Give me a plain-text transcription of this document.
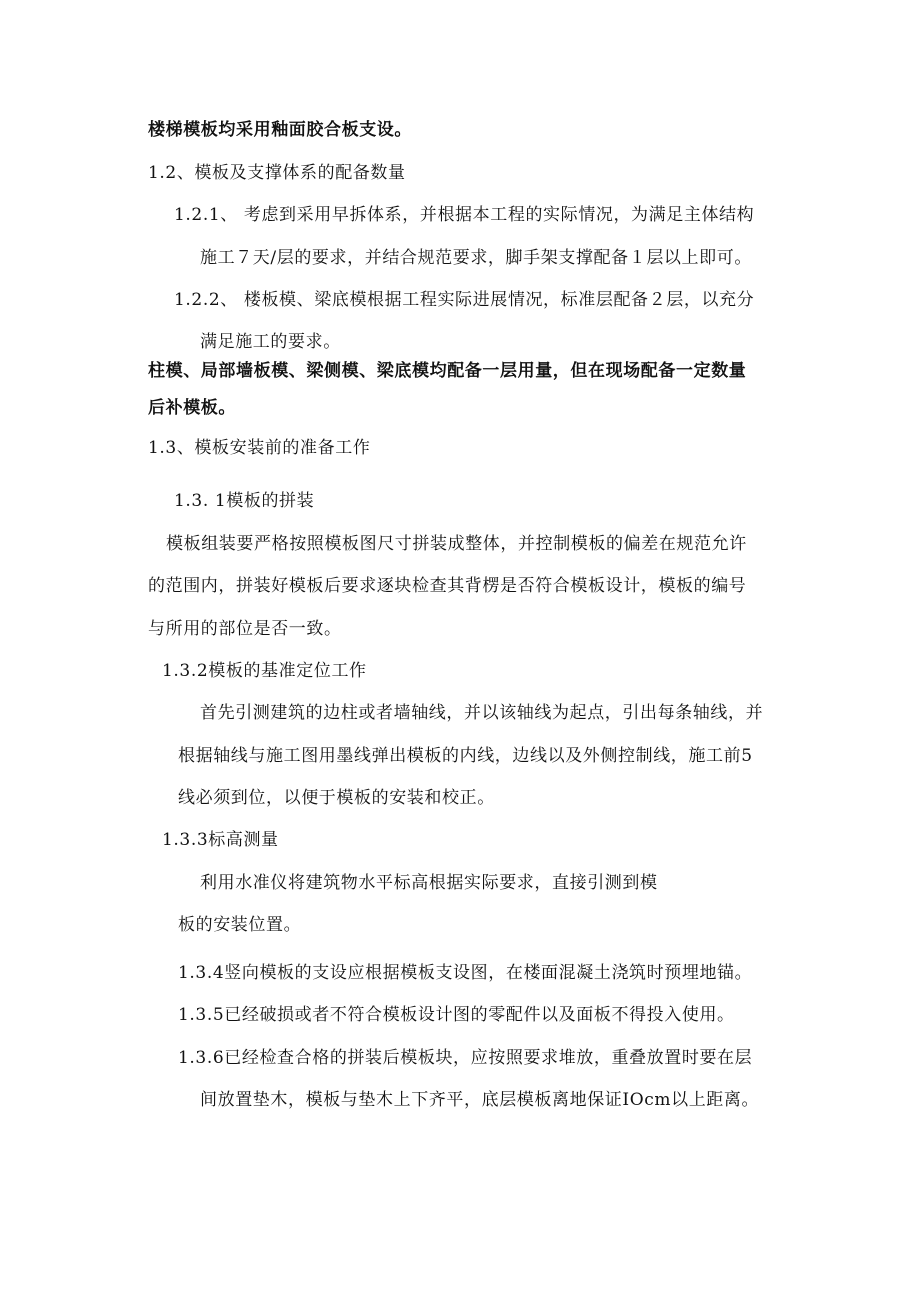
楼梯模板均采用釉面胶合板支设。
1.2、模板及支撑体系的配备数量
1.2.1、 考虑到采用早拆体系，并根据本工程的实际情况，为满足主体结构
施工７天/层的要求，并结合规范要求，脚手架支撑配备１层以上即可。
1.2.2、 楼板模、梁底模根据工程实际进展情况，标准层配备２层，以充分
满足施工的要求。
柱模、局部墙板模、梁侧模、梁底模均配备一层用量，但在现场配备一定数量
后补模板。
1.3、模板安装前的准备工作
1.3. 1模板的拼装
模板组装要严格按照模板图尺寸拼装成整体，并控制模板的偏差在规范允许
的范围内，拼装好模板后要求逐块检查其背楞是否符合模板设计，模板的编号
与所用的部位是否一致。
1.3.2模板的基准定位工作
首先引测建筑的边柱或者墙轴线，并以该轴线为起点，引出每条轴线，并
根据轴线与施工图用墨线弹出模板的内线，边线以及外侧控制线，施工前5
线必须到位，以便于模板的安装和校正。
1.3.3标高测量
利用水准仪将建筑物水平标高根据实际要求，直接引测到模
板的安装位置。
1.3.4竖向模板的支设应根据模板支设图，在楼面混凝土浇筑时预埋地锚。
1.3.5已经破损或者不符合模板设计图的零配件以及面板不得投入使用。
1.3.6已经检查合格的拼装后模板块，应按照要求堆放，重叠放置时要在层
间放置垫木，模板与垫木上下齐平，底层模板离地保证IOcm以上距离。
